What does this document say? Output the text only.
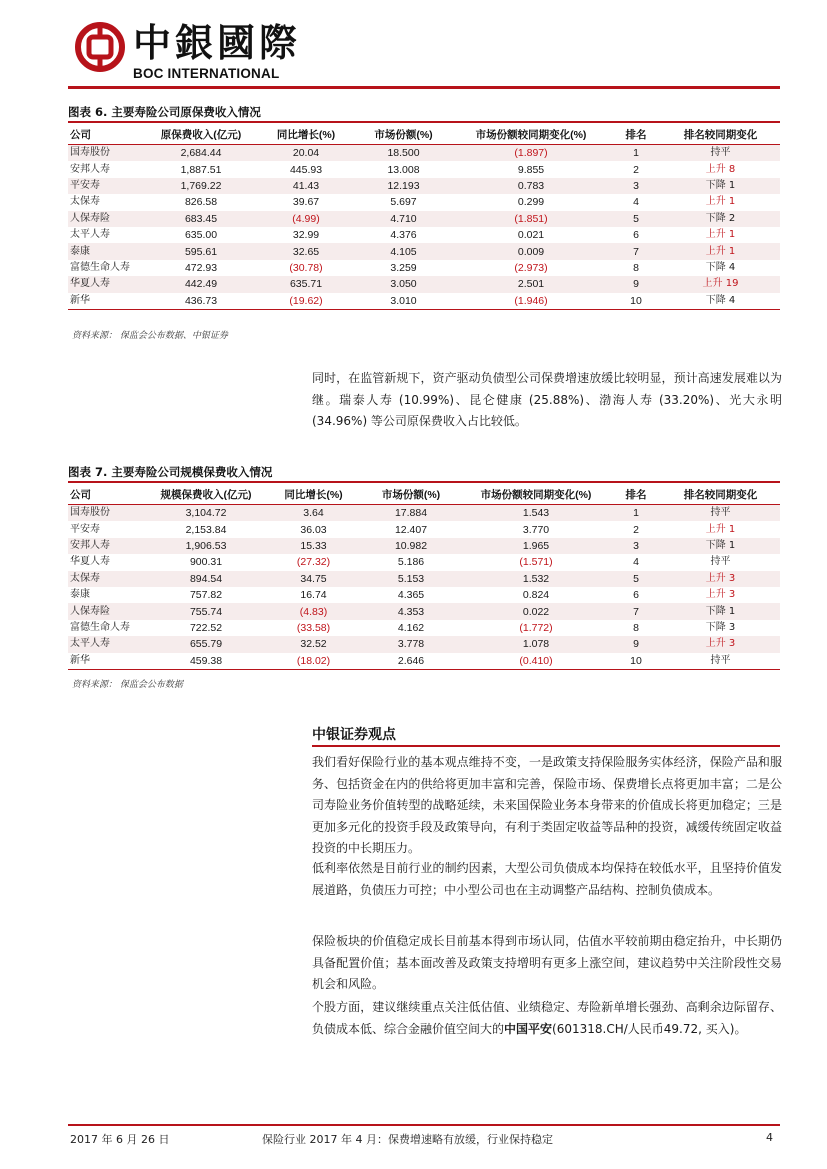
中銀國際
BOC INTERNATIONAL
图表 6. 主要寿险公司原保费收入情况
公司	原保费收入(亿元)	同比增长(%)	市场份额(%)	市场份额较同期变化(%)	排名	排名较同期变化
国寿股份	2,684.44	20.04	18.500	(1.897)	1	持平
安邦人寿	1,887.51	445.93	13.008	9.855	2	上升 8
平安寿	1,769.22	41.43	12.193	0.783	3	下降 1
太保寿	826.58	39.67	5.697	0.299	4	上升 1
人保寿险	683.45	(4.99)	4.710	(1.851)	5	下降 2
太平人寿	635.00	32.99	4.376	0.021	6	上升 1
泰康	595.61	32.65	4.105	0.009	7	上升 1
富德生命人寿	472.93	(30.78)	3.259	(2.973)	8	下降 4
华夏人寿	442.49	635.71	3.050	2.501	9	上升 19
新华	436.73	(19.62)	3.010	(1.946)	10	下降 4
资料来源： 保监会公布数据、中银证券

同时，在监管新规下，资产驱动负债型公司保费增速放缓比较明显，预计高速发展难以为继。瑞泰人寿 (10.99%)、昆仑健康 (25.88%)、渤海人寿 (33.20%)、光大永明 (34.96%) 等公司原保费收入占比较低。

图表 7. 主要寿险公司规模保费收入情况
公司	规模保费收入(亿元)	同比增长(%)	市场份额(%)	市场份额较同期变化(%)	排名	排名较同期变化
国寿股份	3,104.72	3.64	17.884	1.543	1	持平
平安寿	2,153.84	36.03	12.407	3.770	2	上升 1
安邦人寿	1,906.53	15.33	10.982	1.965	3	下降 1
华夏人寿	900.31	(27.32)	5.186	(1.571)	4	持平
太保寿	894.54	34.75	5.153	1.532	5	上升 3
泰康	757.82	16.74	4.365	0.824	6	上升 3
人保寿险	755.74	(4.83)	4.353	0.022	7	下降 1
富德生命人寿	722.52	(33.58)	4.162	(1.772)	8	下降 3
太平人寿	655.79	32.52	3.778	1.078	9	上升 3
新华	459.38	(18.02)	2.646	(0.410)	10	持平
资料来源： 保监会公布数据
中银证券观点

我们看好保险行业的基本观点维持不变，一是政策支持保险服务实体经济，保险产品和服务、包括资金在内的供给将更加丰富和完善，保险市场、保费增长点将更加丰富；二是公司寿险业务价值转型的战略延续，未来国保险业务本身带来的价值成长将更加稳定；三是更加多元化的投资手段及政策导向，有利于类固定收益等品种的投资，减缓传统固定收益投资的中长期压力。

低利率依然是目前行业的制约因素，大型公司负债成本均保持在较低水平，且坚持价值发展道路，负债压力可控；中小型公司也在主动调整产品结构、控制负债成本。

保险板块的价值稳定成长目前基本得到市场认同，估值水平较前期由稳定抬升，中长期仍具备配置价值；基本面改善及政策支持增明有更多上涨空间，建议趋势中关注阶段性交易机会和风险。

个股方面，建议继续重点关注低估值、业绩稳定、寿险新单增长强劲、高剩余边际留存、负债成本低、综合金融价值空间大的中国平安(601318.CH/人民币49.72, 买入)。

2017 年 6 月 26 日	保险行业 2017 年 4 月：保费增速略有放缓，行业保持稳定	4
